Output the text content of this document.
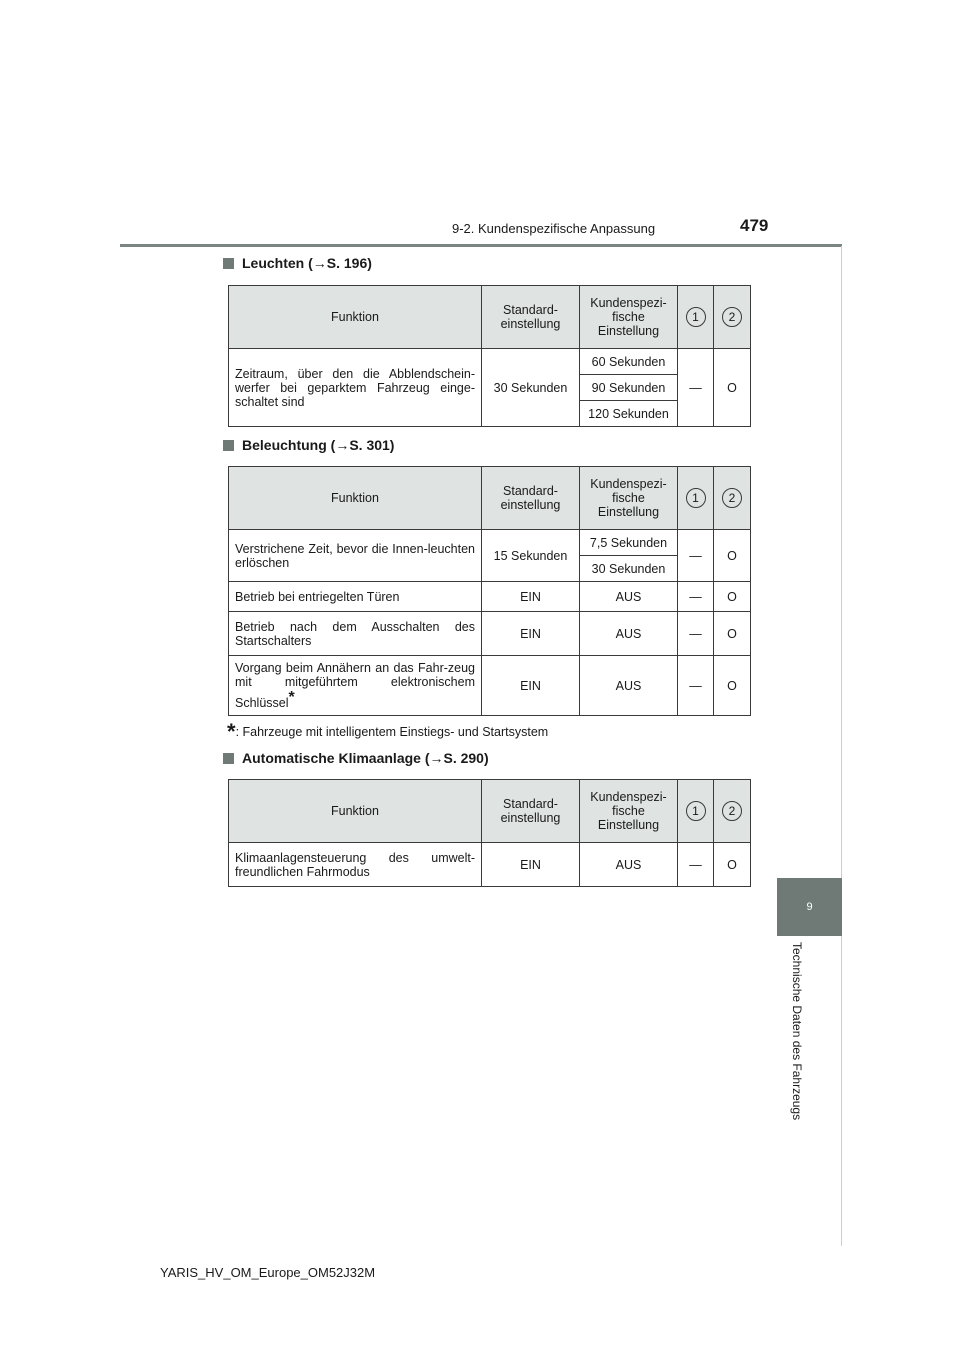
9-2. Kundenspezifische Anpassung	479
9
Technische Daten des Fahrzeugs
Leuchten (→S. 196)
Funktion	Standard-einstellung	Kundenspezi-fische Einstellung	1	2
Zeitraum, über den die Abblendschein-werfer bei geparktem Fahrzeug einge-schaltet sind	30 Sekunden	60 Sekunden	—	O
		90 Sekunden		
		120 Sekunden		
Beleuchtung (→S. 301)
Funktion	Standard-einstellung	Kundenspezi-fische Einstellung	1	2
Verstrichene Zeit, bevor die Innen-leuchten erlöschen	15 Sekunden	7,5 Sekunden	—	O
		30 Sekunden		
Betrieb bei entriegelten Türen	EIN	AUS	—	O
Betrieb nach dem Ausschalten des Startschalters	EIN	AUS	—	O
Vorgang beim Annähern an das Fahr-zeug mit mitgeführtem elektronischem Schlüssel*	EIN	AUS	—	O
*: Fahrzeuge mit intelligentem Einstiegs- und Startsystem
Automatische Klimaanlage (→S. 290)
Funktion	Standard-einstellung	Kundenspezi-fische Einstellung	1	2
Klimaanlagensteuerung des umwelt-freundlichen Fahrmodus	EIN	AUS	—	O
YARIS_HV_OM_Europe_OM52J32M
